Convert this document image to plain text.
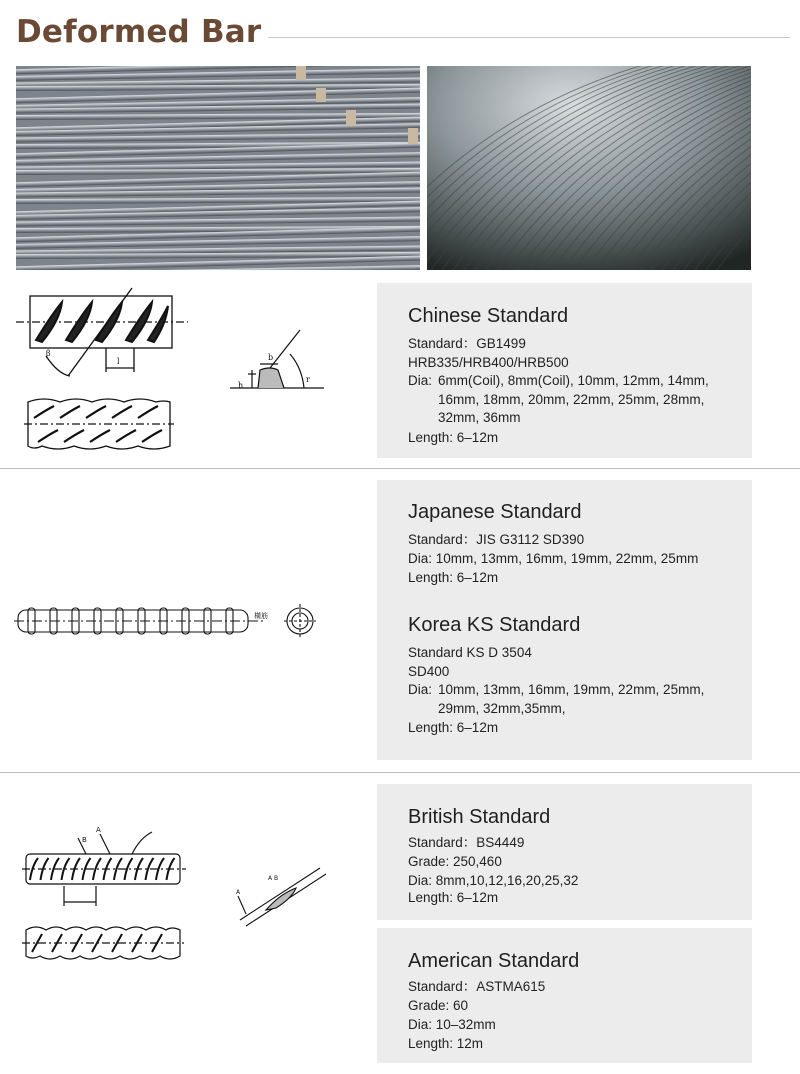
Deformed Bar
β
l
h
b
r
Chinese Standard
Standard：GB1499
HRB335/HRB400/HRB500
Dia: 6mm(Coil), 8mm(Coil), 10mm, 12mm, 14mm, 16mm, 18mm, 20mm, 22mm, 25mm, 28mm, 32mm, 36mm
Length: 6–12m
橫筋
Japanese Standard
Standard：JIS G3112 SD390
Dia: 10mm, 13mm, 16mm, 19mm, 22mm, 25mm
Length: 6–12m
Korea KS Standard
Standard KS D 3504
SD400
Dia: 10mm, 13mm, 16mm, 19mm, 22mm, 25mm, 29mm, 32mm,35mm,
Length: 6–12m
B
A
A
A B
British Standard
Standard：BS4449
Grade: 250,460
Dia: 8mm,10,12,16,20,25,32
Length: 6–12m
American Standard
Standard：ASTMA615
Grade: 60
Dia: 10–32mm
Length: 12m
